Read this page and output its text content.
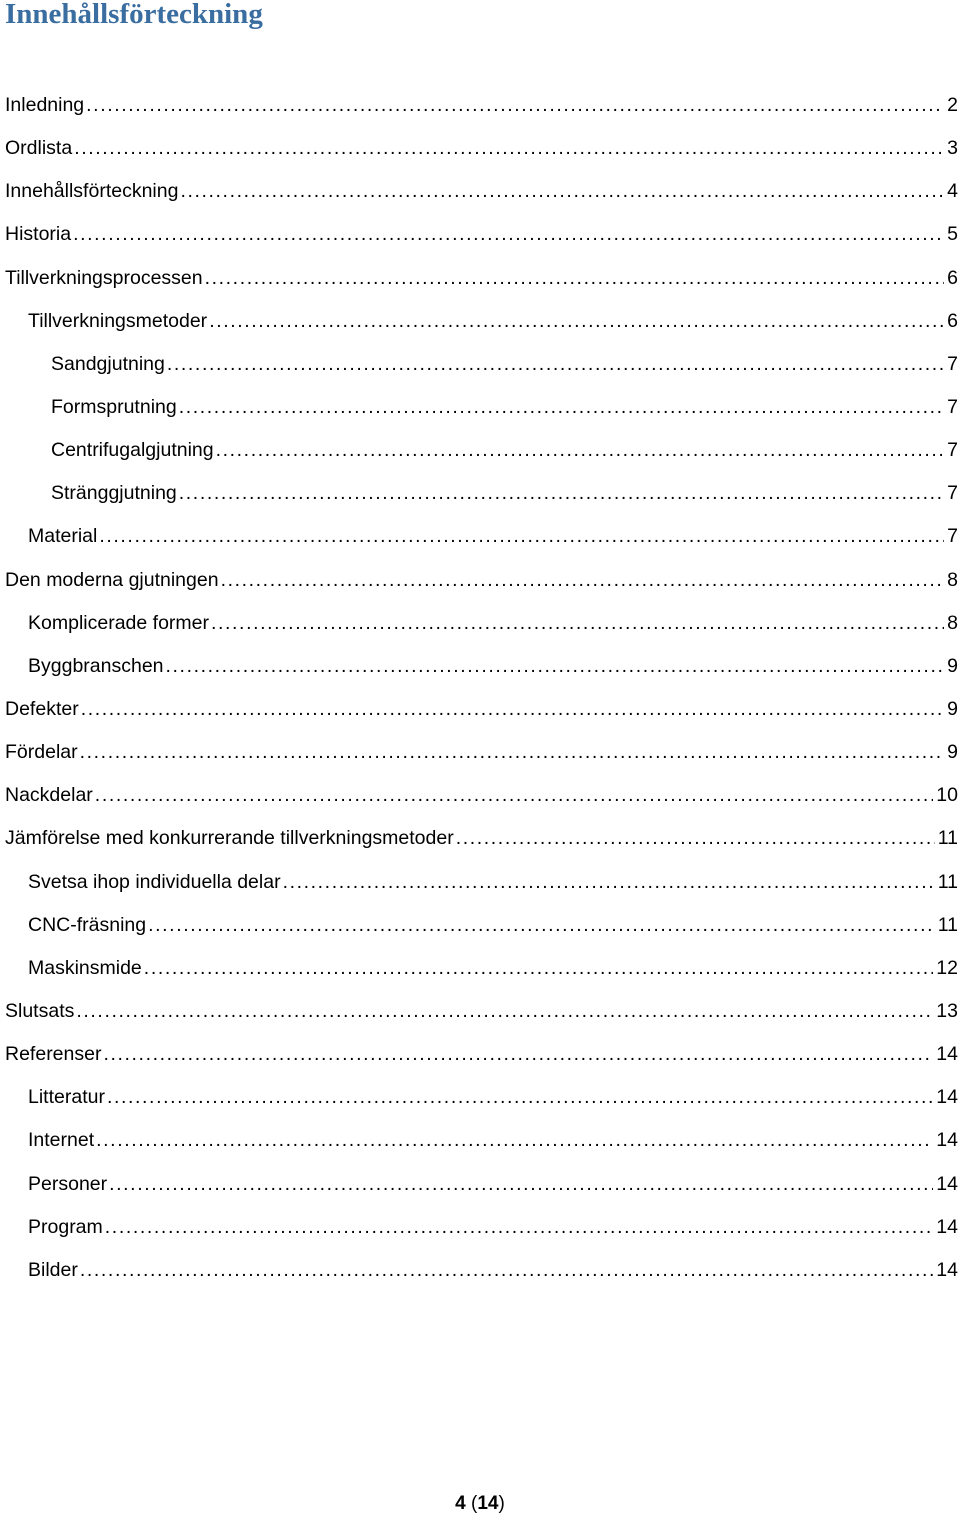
Innehållsförteckning
Inledning .....	2
Ordlista .....	3
Innehållsförteckning .....	4
Historia .....	5
Tillverkningsprocessen .....	6
Tillverkningsmetoder .....	6
Sandgjutning .....	7
Formsprutning .....	7
Centrifugalgjutning .....	7
Stränggjutning .....	7
Material .....	7
Den moderna gjutningen .....	8
Komplicerade former .....	8
Byggbranschen .....	9
Defekter .....	9
Fördelar .....	9
Nackdelar .....	10
Jämförelse med konkurrerande tillverkningsmetoder .....	11
Svetsa ihop individuella delar .....	11
CNC-fräsning .....	11
Maskinsmide .....	12
Slutsats .....	13
Referenser .....	14
Litteratur .....	14
Internet .....	14
Personer .....	14
Program .....	14
Bilder .....	14
4 (14)
